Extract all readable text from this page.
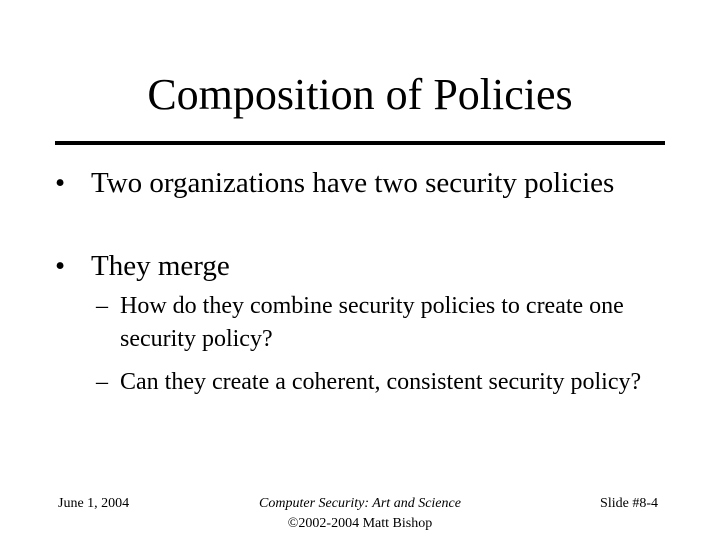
Composition of Policies
• Two organizations have two security policies
• They merge
– How do they combine security policies to create one security policy?
– Can they create a coherent, consistent security policy?
June 1, 2004	Computer Security: Art and Science
©2002-2004 Matt Bishop
Slide #8-4
